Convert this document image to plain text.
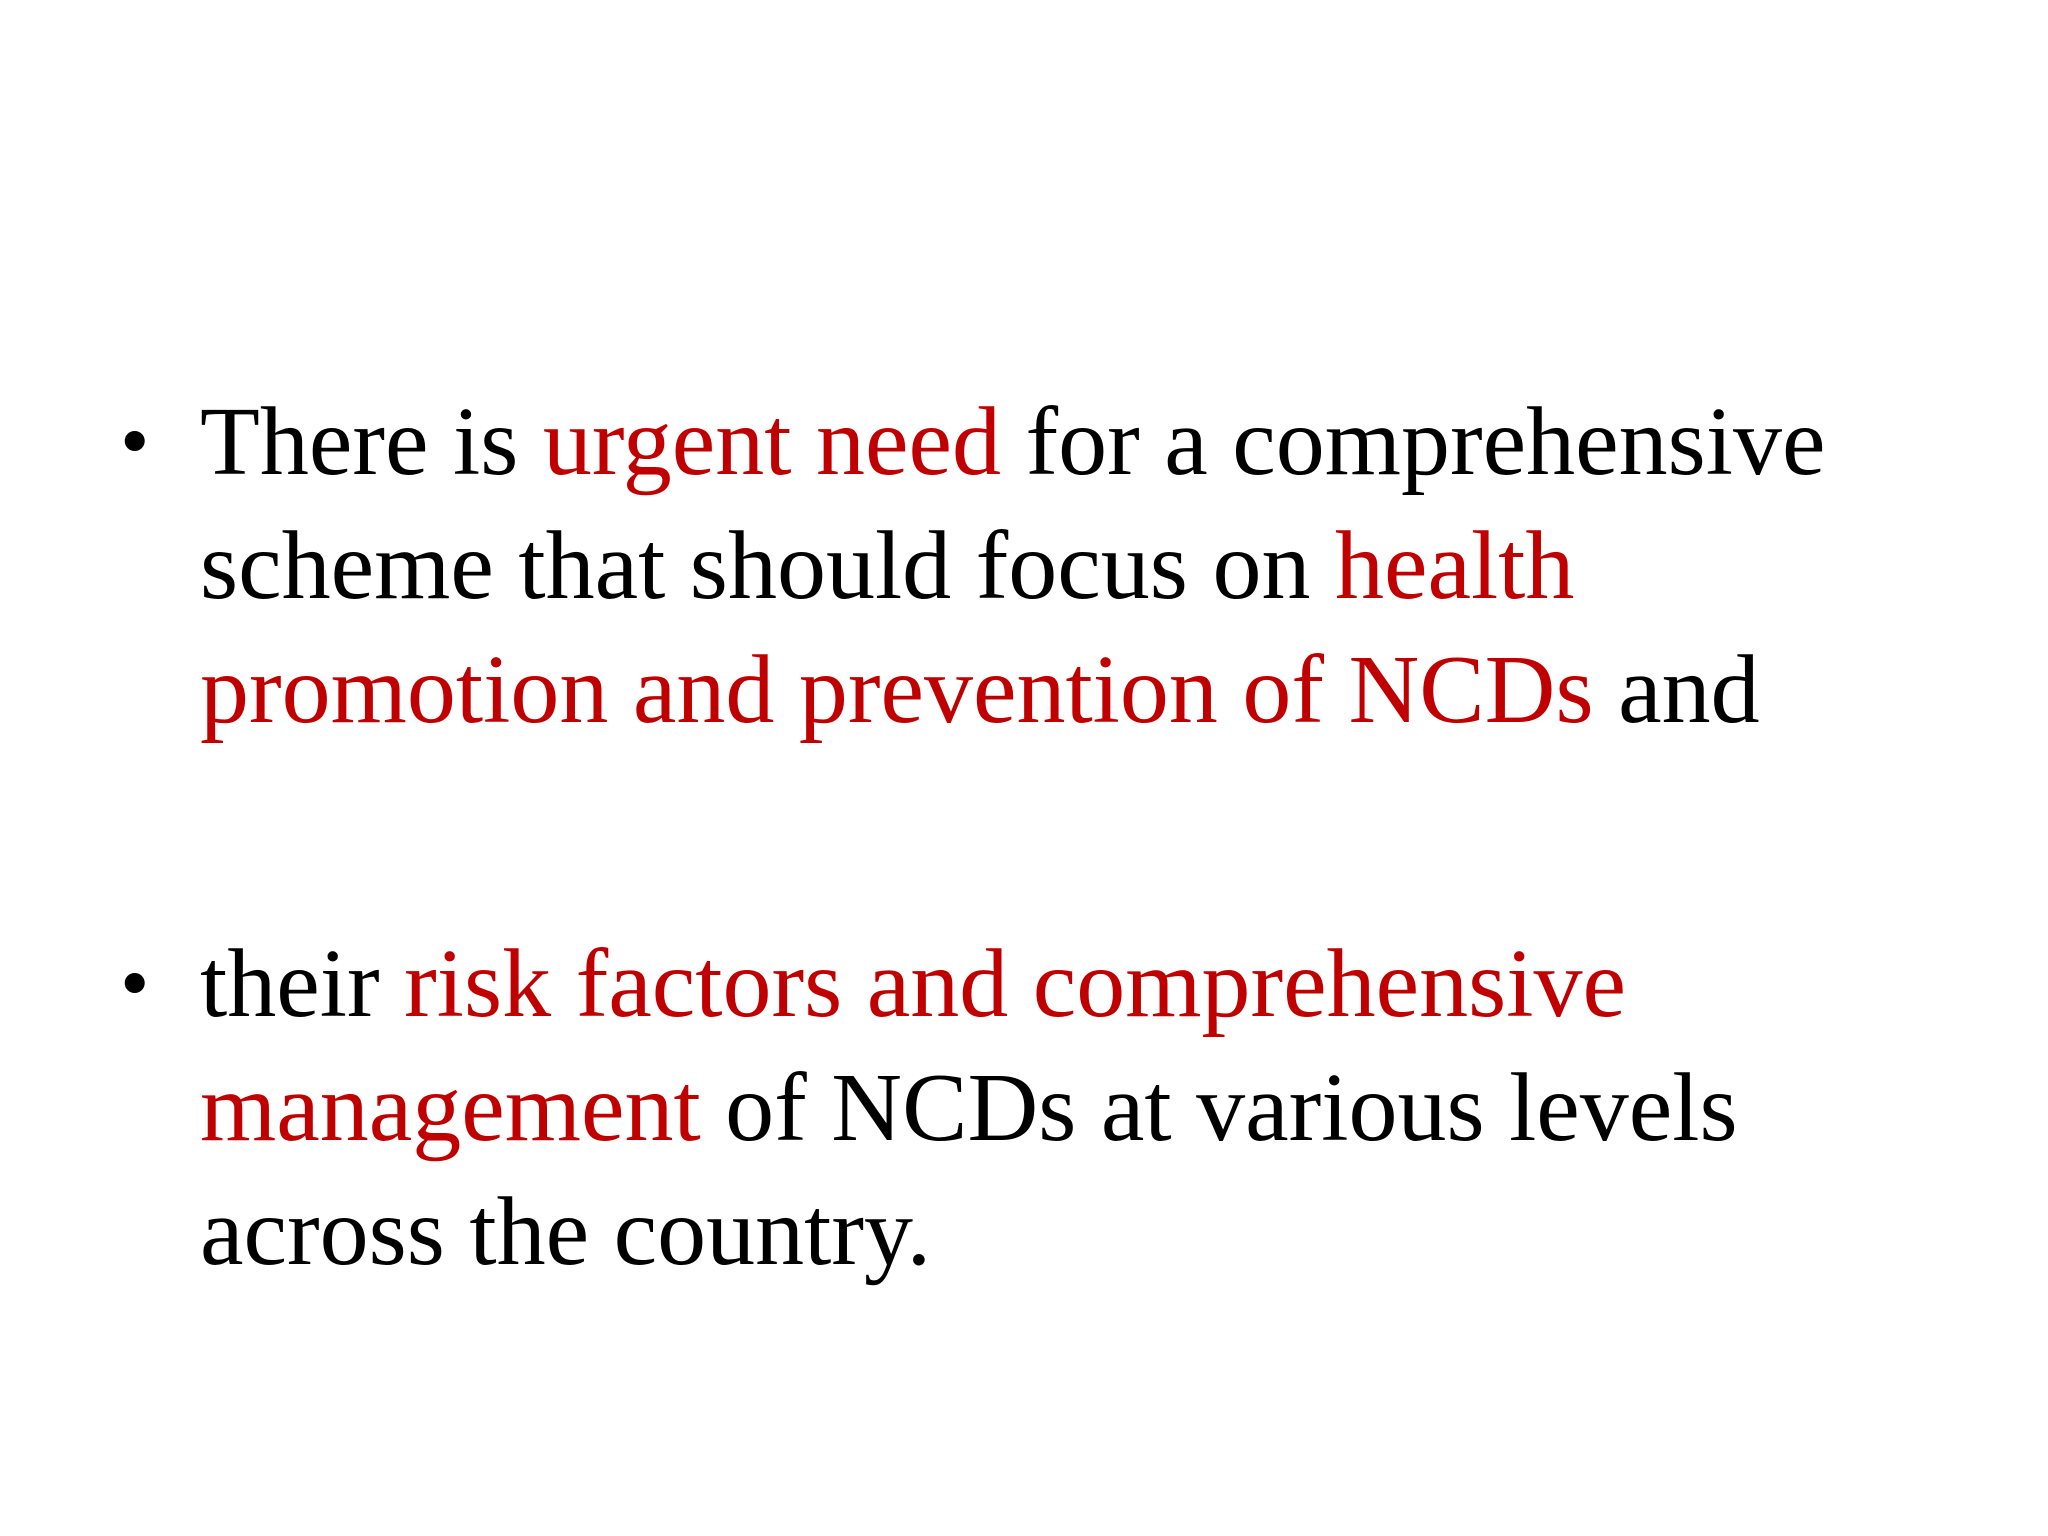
• There is urgent need for a comprehensive
scheme that should focus on health
promotion and prevention of NCDs and
• their risk factors and comprehensive
management of NCDs at various levels
across the country.
